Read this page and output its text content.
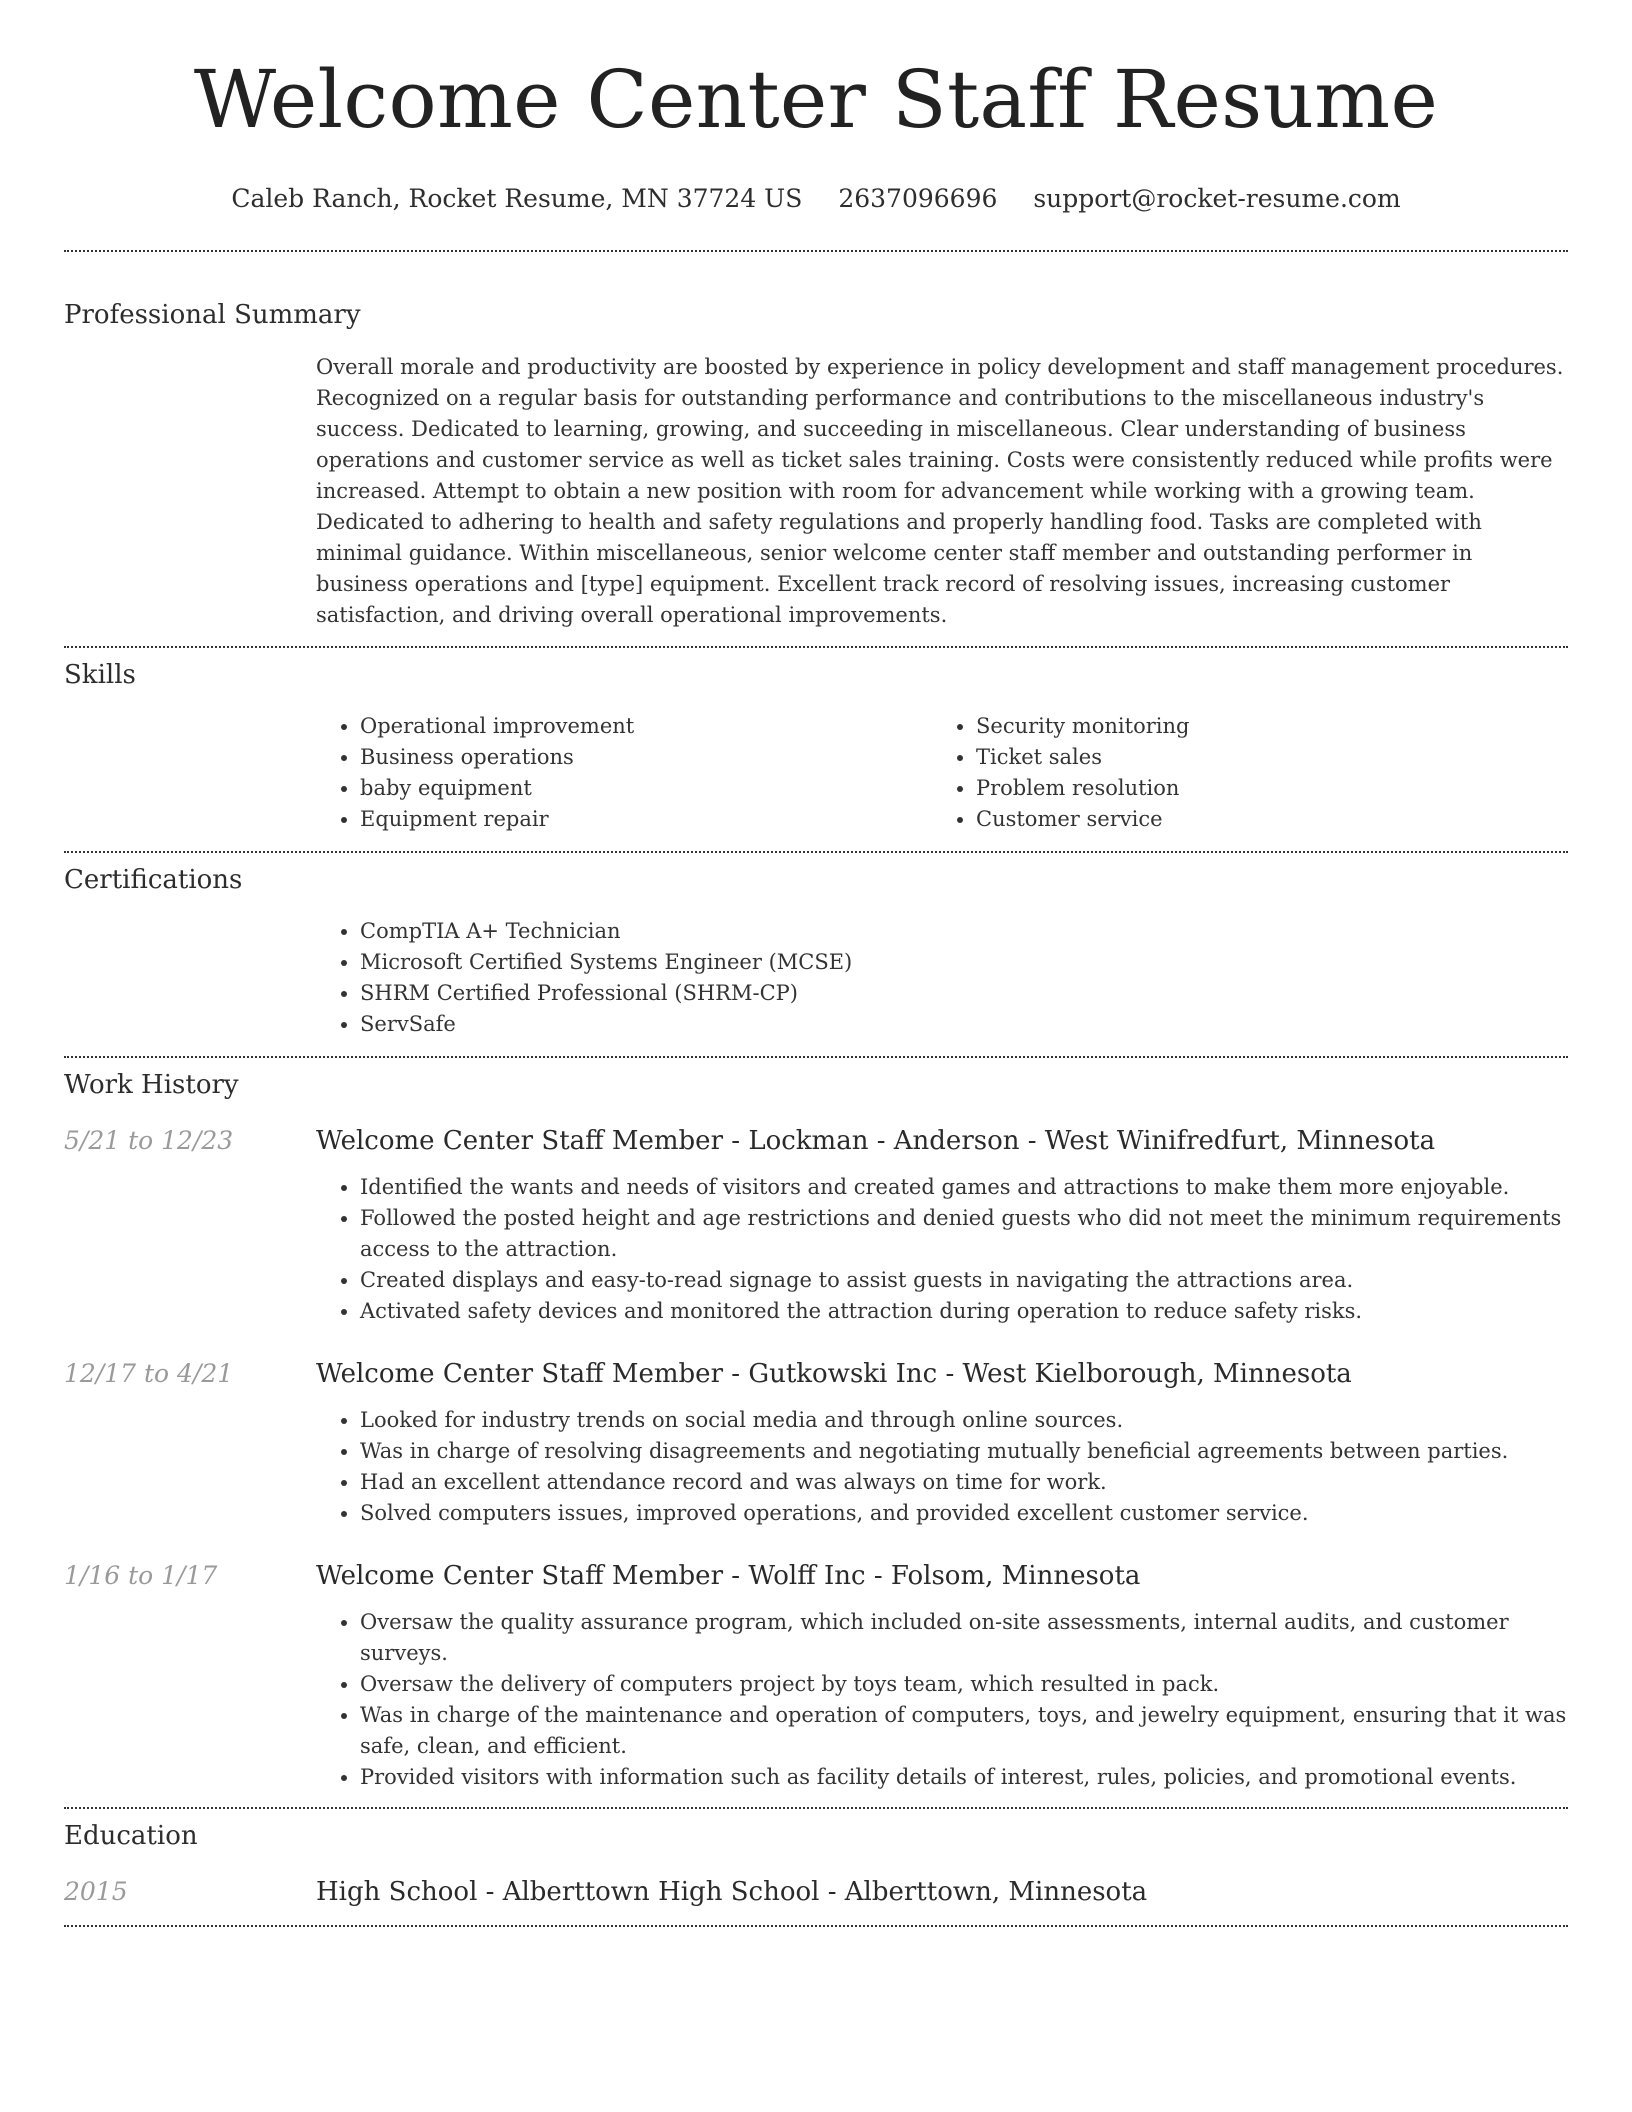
Welcome Center Staff Resume
Caleb Ranch, Rocket Resume, MN 37724 US 2637096696 support@rocket-resume.com
Professional Summary

Overall morale and productivity are boosted by experience in policy development and staff management procedures. Recognized on a regular basis for outstanding performance and contributions to the miscellaneous industry's success. Dedicated to learning, growing, and succeeding in miscellaneous. Clear understanding of business operations and customer service as well as ticket sales training. Costs were consistently reduced while profits were increased. Attempt to obtain a new position with room for advancement while working with a growing team. Dedicated to adhering to health and safety regulations and properly handling food. Tasks are completed with minimal guidance. Within miscellaneous, senior welcome center staff member and outstanding performer in business operations and [type] equipment. Excellent track record of resolving issues, increasing customer satisfaction, and driving overall operational improvements.

Skills
• Operational improvement
• Business operations
• baby equipment
• Equipment repair
• Security monitoring
• Ticket sales
• Problem resolution
• Customer service
Certifications
• CompTIA A+ Technician
• Microsoft Certified Systems Engineer (MCSE)
• SHRM Certified Professional (SHRM-CP)
• ServSafe
Work History
5/21 to 12/23	Welcome Center Staff Member - Lockman - Anderson - West Winifredfurt, Minnesota
• Identified the wants and needs of visitors and created games and attractions to make them more enjoyable.
• Followed the posted height and age restrictions and denied guests who did not meet the minimum requirements access to the attraction.
• Created displays and easy-to-read signage to assist guests in navigating the attractions area.
• Activated safety devices and monitored the attraction during operation to reduce safety risks.
12/17 to 4/21	Welcome Center Staff Member - Gutkowski Inc - West Kielborough, Minnesota
• Looked for industry trends on social media and through online sources.
• Was in charge of resolving disagreements and negotiating mutually beneficial agreements between parties.
• Had an excellent attendance record and was always on time for work.
• Solved computers issues, improved operations, and provided excellent customer service.
1/16 to 1/17	Welcome Center Staff Member - Wolff Inc - Folsom, Minnesota
• Oversaw the quality assurance program, which included on-site assessments, internal audits, and customer surveys.
• Oversaw the delivery of computers project by toys team, which resulted in pack.
• Was in charge of the maintenance and operation of computers, toys, and jewelry equipment, ensuring that it was safe, clean, and efficient.
• Provided visitors with information such as facility details of interest, rules, policies, and promotional events.
Education
2015	High School - Alberttown High School - Alberttown, Minnesota
